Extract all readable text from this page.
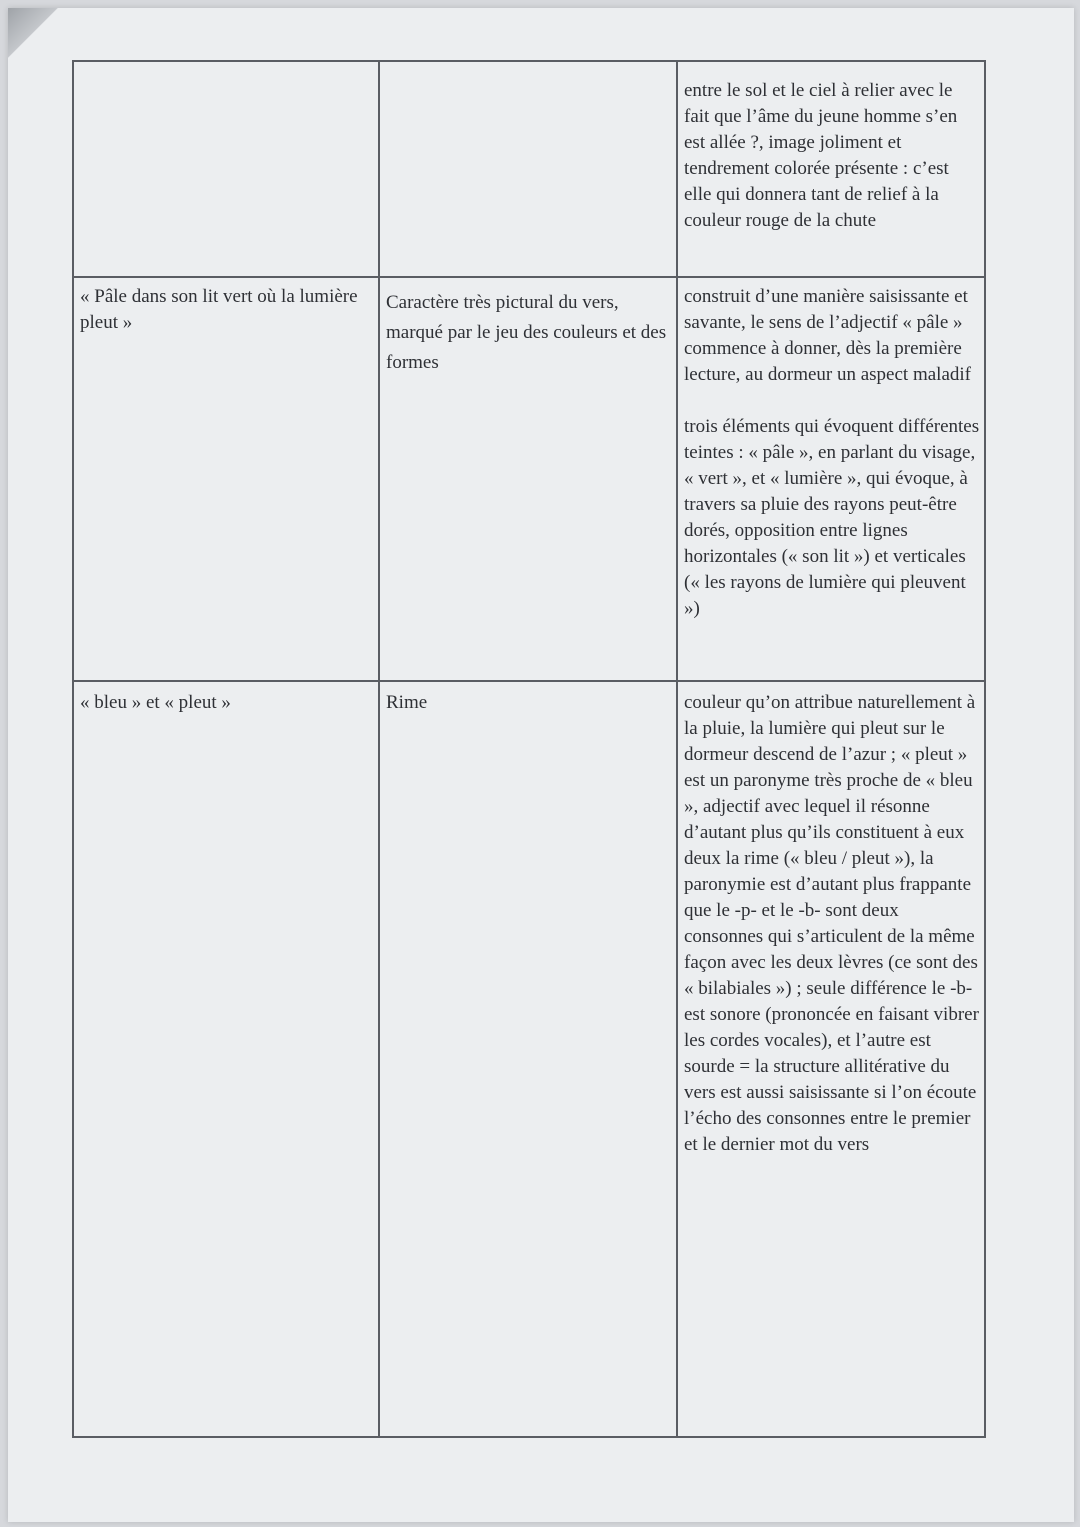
		entre le sol et le ciel à relier avec le fait que l’âme du jeune homme s’en est allée ?, image joliment et tendrement colorée présente : c’est elle qui donnera tant de relief à la couleur rouge de la chute

« Pâle dans son lit vert où la lumière pleut »	Caractère très pictural du vers, marqué par le jeu des couleurs et des formes	construit d’une manière saisissante et savante, le sens de l’adjectif « pâle » commence à donner, dès la première lecture, au dormeur un aspect maladif

trois éléments qui évoquent différentes teintes : « pâle », en parlant du visage, « vert », et « lumière », qui évoque, à travers sa pluie des rayons peut-être dorés, opposition entre lignes horizontales (« son lit ») et verticales (« les rayons de lumière qui pleuvent »)

« bleu » et « pleut »	Rime	couleur qu’on attribue naturellement à la pluie, la lumière qui pleut sur le dormeur descend de l’azur ; « pleut » est un paronyme très proche de « bleu », adjectif avec lequel il résonne d’autant plus qu’ils constituent à eux deux la rime (« bleu / pleut »), la paronymie est d’autant plus frappante que le -p- et le -b- sont deux consonnes qui s’articulent de la même façon avec les deux lèvres (ce sont des « bilabiales ») ; seule différence le -b- est sonore (prononcée en faisant vibrer les cordes vocales), et l’autre est sourde = la structure allitérative du vers est aussi saisissante si l’on écoute l’écho des consonnes entre le premier et le dernier mot du vers
